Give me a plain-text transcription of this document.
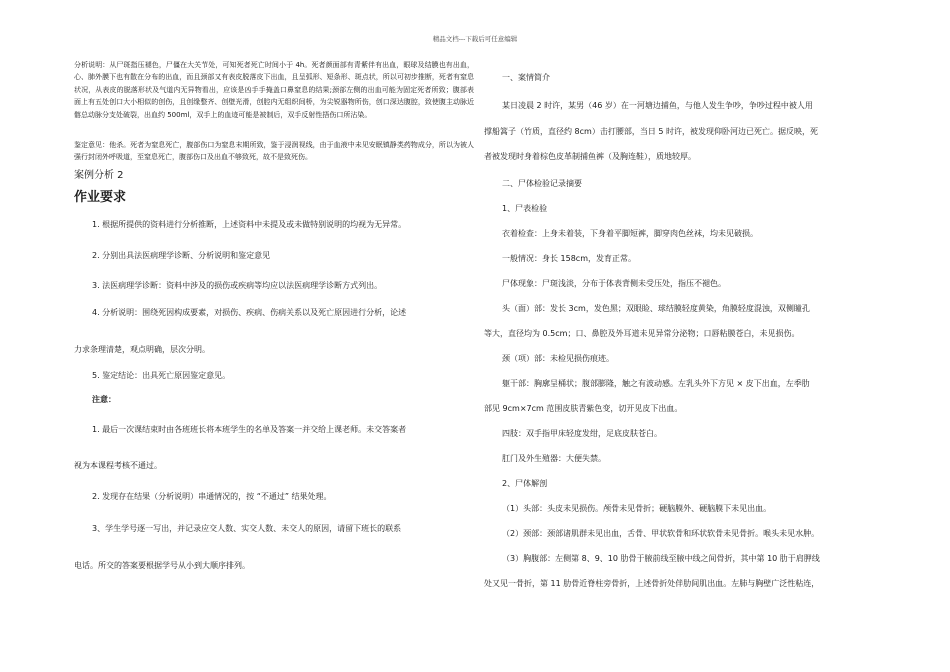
精品文档---下载后可任意编辑

分析说明：从尸斑指压褪色，尸僵在大关节处，可知死者死亡时间小于 4h。死者颜面部有青紫伴有出血，眼球及结膜也有出血，心、肺外膜下也有散在分布的出血，而且颈部又有表皮脱落皮下出血，且呈弧形、短条形、斑点状，所以可初步推断，死者有窒息状况，从表皮的脱落形状及气道内无异物看出，应该是凶手手掩盖口鼻窒息的结果;颈部左侧的出血可能为固定死者所致；腹部表面上有五处创口大小相似的创伤，且创缘整齐、创壁光滑，创腔内无组织间桥，为尖锐器物所伤，创口深达腹腔，致使腹主动脉近髂总动脉分支处破裂，出血约 500ml，双手上的血迹可能是被制后，双手反射性捂伤口所沾染。

鉴定意见：他杀。死者为窒息死亡，腹部伤口为窒息末期所致，鉴于浸润视线，由于血液中未见安眠镇静类药物成分，所以为被人强行封闭外呼吸道，至窒息死亡，腹部伤口及出血不够致死，故不是致死伤。

案例分析 2

作业要求

1. 根据所提供的资料进行分析推断，上述资料中未提及或未做特别说明的均视为无异常。

2. 分别出具法医病理学诊断、分析说明和鉴定意见

3. 法医病理学诊断：资料中涉及的损伤或疾病等均应以法医病理学诊断方式列出。

4. 分析说明：围绕死因构成要素，对损伤、疾病、伤病关系以及死亡原因进行分析，论述

力求条理清楚，观点明确，层次分明。

5. 鉴定结论：出具死亡原因鉴定意见。

注意：

1. 最后一次课结束时由各班班长将本班学生的名单及答案一并交给上课老师。未交答案者

视为本课程考核不通过。

2. 发现存在结果（分析说明）串通情况的，按 “不通过” 结果处理。

3、学生学号逐一写出，并记录应交人数、实交人数、未交人的原因，请留下班长的联系

电话。所交的答案要根据学号从小到大顺序排列。

一、案情简介

某日凌晨 2 时许，某男（46 岁）在一河塘边捕鱼，与他人发生争吵，争吵过程中被人用

撑船篙子（竹质，直径约 8cm）击打腰部，当日 5 时许，被发现仰卧河边已死亡。据反映，死

者被发现时身着棕色皮革制捕鱼裤（及胸连鞋），质地较厚。

二、尸体检验记录摘要

1、尸表检验

衣着检查：上身未着装，下身着平脚短裤，脚穿肉色丝袜，均未见破损。

一般情况：身长 158cm，发育正常。

尸体现象：尸斑浅淡，分布于体表背侧未受压处，指压不褪色。

头（面）部：发长 3cm，发色黑；双眼睑、球结膜轻度黄染，角膜轻度混浊，双侧瞳孔

等大，直径均为 0.5cm；口、鼻腔及外耳道未见异常分泌物；口唇粘膜苍白，未见损伤。

颈（项）部：未检见损伤痕迹。

躯干部：胸廓呈桶状；腹部膨隆，触之有波动感。左乳头外下方见 × 皮下出血，左季肋

部见 9cm×7cm 范围皮肤青紫色变，切开见皮下出血。

四肢：双手指甲床轻度发绀，足底皮肤苍白。

肛门及外生殖器：大便失禁。

2、尸体解剖

（1）头部：头皮未见损伤。颅骨未见骨折；硬脑膜外、硬脑膜下未见出血。

（2）颈部：颈部诸肌群未见出血，舌骨、甲状软骨和环状软骨未见骨折。喉头未见水肿。

（3）胸腹部：左侧第 8、9、10 肋骨于腋前线至腋中线之间骨折，其中第 10 肋于肩胛线

处又见一骨折，第 11 肋骨近脊柱旁骨折，上述骨折处伴肋间肌出血。左肺与胸壁广泛性粘连，
